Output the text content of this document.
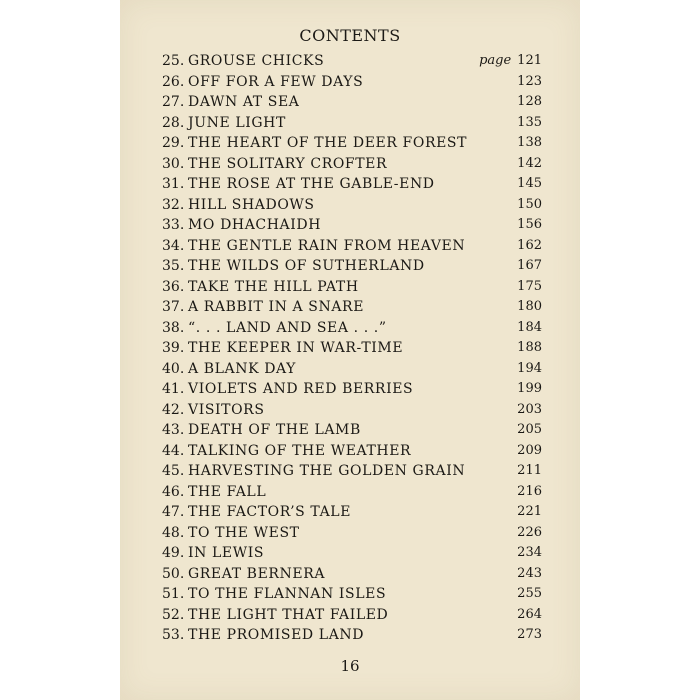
CONTENTS
25. GROUSE CHICKS	page 121
26. OFF FOR A FEW DAYS	123
27. DAWN AT SEA	128
28. JUNE LIGHT	135
29. THE HEART OF THE DEER FOREST	138
30. THE SOLITARY CROFTER	142
31. THE ROSE AT THE GABLE-END	145
32. HILL SHADOWS	150
33. MO DHACHAIDH	156
34. THE GENTLE RAIN FROM HEAVEN	162
35. THE WILDS OF SUTHERLAND	167
36. TAKE THE HILL PATH	175
37. A RABBIT IN A SNARE	180
38. “. . . LAND AND SEA . . .”	184
39. THE KEEPER IN WAR-TIME	188
40. A BLANK DAY	194
41. VIOLETS AND RED BERRIES	199
42. VISITORS	203
43. DEATH OF THE LAMB	205
44. TALKING OF THE WEATHER	209
45. HARVESTING THE GOLDEN GRAIN	211
46. THE FALL	216
47. THE FACTOR’S TALE	221
48. TO THE WEST	226
49. IN LEWIS	234
50. GREAT BERNERA	243
51. TO THE FLANNAN ISLES	255
52. THE LIGHT THAT FAILED	264
53. THE PROMISED LAND	273
16
